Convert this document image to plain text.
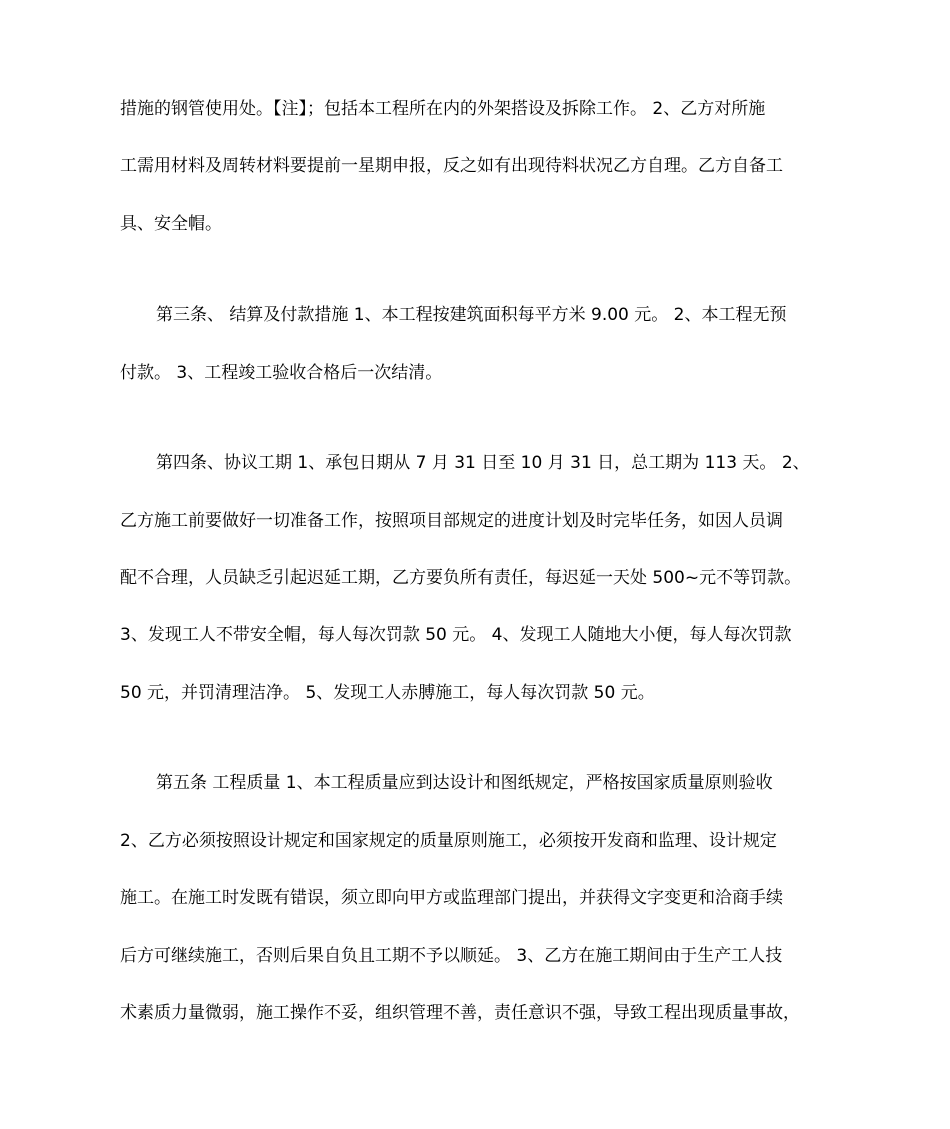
措施的钢管使用处。【注】；包括本工程所在内的外架搭设及拆除工作。 2、乙方对所施
工需用材料及周转材料要提前一星期申报，反之如有出现待料状况乙方自理。乙方自备工
具、安全帽。
第三条、 结算及付款措施 1、本工程按建筑面积每平方米 9.00 元。 2、本工程无预
付款。 3、工程竣工验收合格后一次结清。
第四条、协议工期 1、承包日期从 7 月 31 日至 10 月 31 日，总工期为 113 天。 2、
乙方施工前要做好一切准备工作，按照项目部规定的进度计划及时完毕任务，如因人员调
配不合理，人员缺乏引起迟延工期，乙方要负所有责任，每迟延一天处 500~元不等罚款。
3、发现工人不带安全帽，每人每次罚款 50 元。 4、发现工人随地大小便，每人每次罚款
50 元，并罚清理洁净。 5、发现工人赤膊施工，每人每次罚款 50 元。
第五条 工程质量 1、本工程质量应到达设计和图纸规定，严格按国家质量原则验收
2、乙方必须按照设计规定和国家规定的质量原则施工，必须按开发商和监理、设计规定
施工。在施工时发既有错误，须立即向甲方或监理部门提出，并获得文字变更和洽商手续
后方可继续施工，否则后果自负且工期不予以顺延。 3、乙方在施工期间由于生产工人技
术素质力量微弱，施工操作不妥，组织管理不善，责任意识不强，导致工程出现质量事故，
